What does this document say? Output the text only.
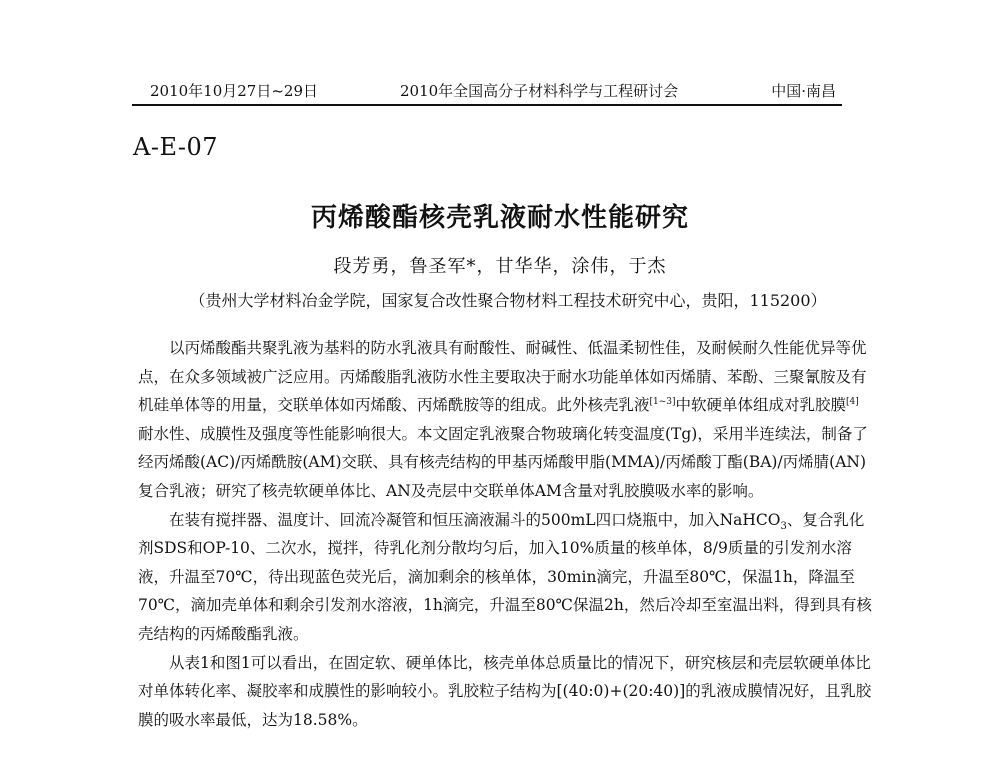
2010年10月27日~29日	2010年全国高分子材料科学与工程研讨会	中国·南昌
A-E-07
丙烯酸酯核壳乳液耐水性能研究
段芳勇，鲁圣军*，甘华华，涂伟，于杰
（贵州大学材料冶金学院，国家复合改性聚合物材料工程技术研究中心，贵阳，115200）

以丙烯酸酯共聚乳液为基料的防水乳液具有耐酸性、耐碱性、低温柔韧性佳，及耐候耐久性能优异等优点，在众多领域被广泛应用。丙烯酸脂乳液防水性主要取决于耐水功能单体如丙烯腈、苯酚、三聚氰胺及有机硅单体等的用量，交联单体如丙烯酸、丙烯酰胺等的组成。此外核壳乳液[1~3]中软硬单体组成对乳胶膜[4]耐水性、成膜性及强度等性能影响很大。本文固定乳液聚合物玻璃化转变温度(Tg)，采用半连续法，制备了经丙烯酸(AC)/丙烯酰胺(AM)交联、具有核壳结构的甲基丙烯酸甲脂(MMA)/丙烯酸丁酯(BA)/丙烯腈(AN)复合乳液；研究了核壳软硬单体比、AN及壳层中交联单体AM含量对乳胶膜吸水率的影响。

在装有搅拌器、温度计、回流冷凝管和恒压滴液漏斗的500mL四口烧瓶中，加入NaHCO$_3$、复合乳化剂SDS和OP-10、二次水，搅拌，待乳化剂分散均匀后，加入10%质量的核单体，8/9质量的引发剂水溶液，升温至70℃，待出现蓝色荧光后，滴加剩余的核单体，30min滴完，升温至80℃，保温1h，降温至70℃，滴加壳单体和剩余引发剂水溶液，1h滴完，升温至80℃保温2h，然后冷却至室温出料，得到具有核壳结构的丙烯酸酯乳液。

从表1和图1可以看出，在固定软、硬单体比，核壳单体总质量比的情况下，研究核层和壳层软硬单体比对单体转化率、凝胶率和成膜性的影响较小。乳胶粒子结构为[(40:0)+(20:40)]的乳液成膜情况好，且乳胶膜的吸水率最低，达为18.58%。
